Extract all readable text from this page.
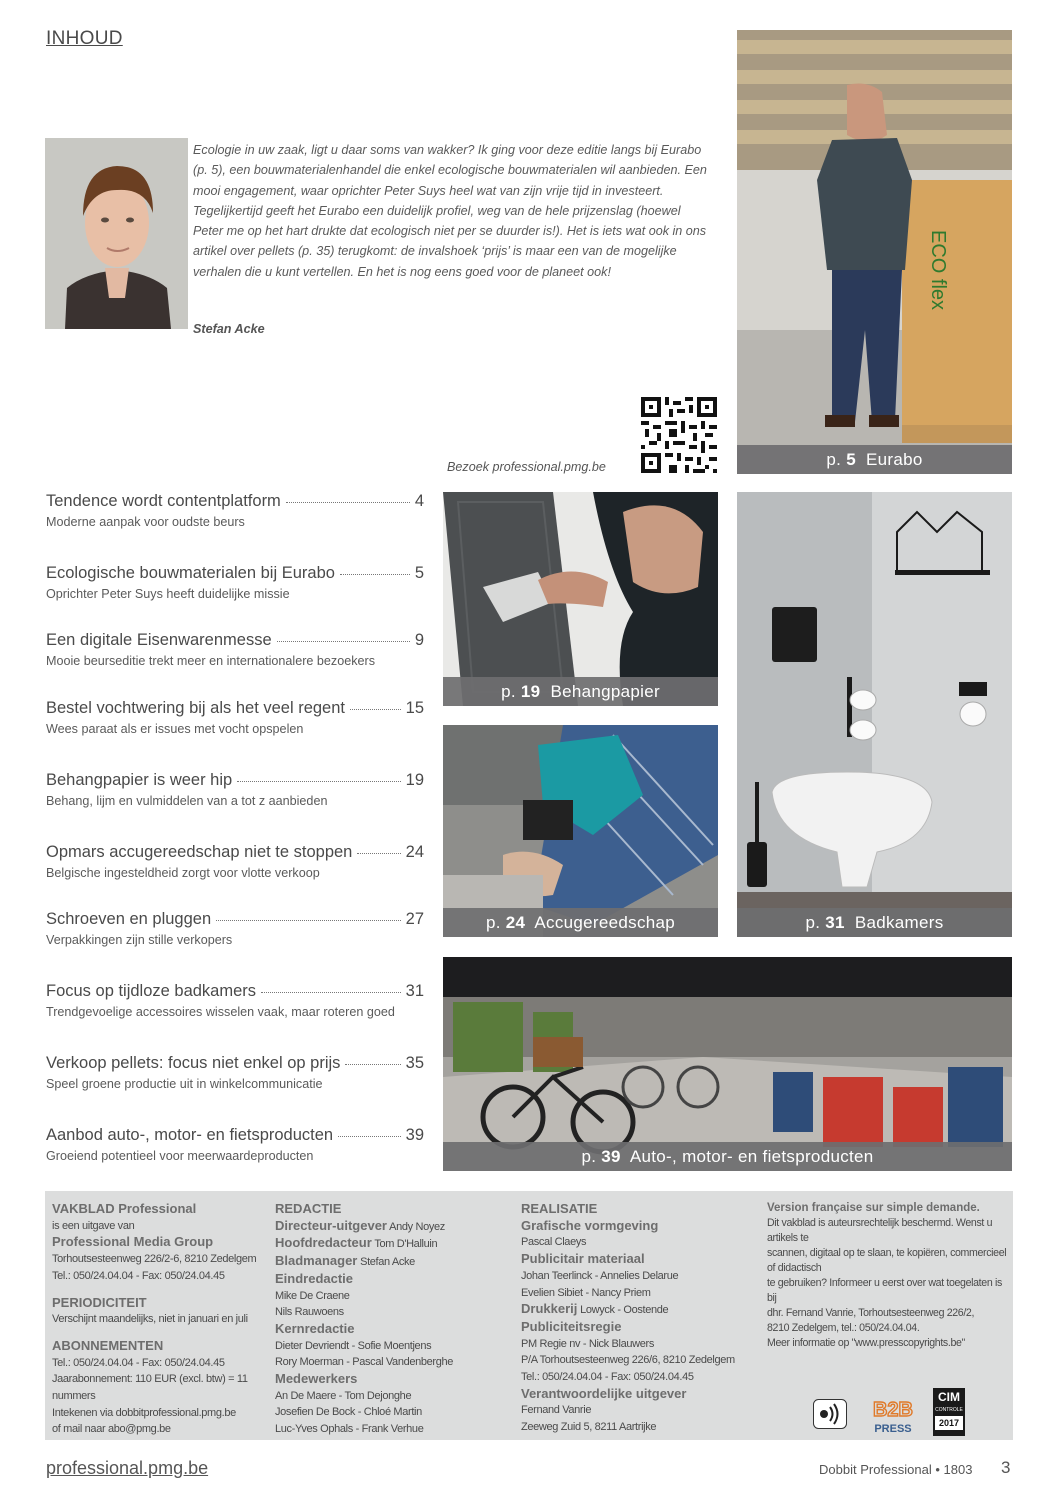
INHOUD
Ecologie in uw zaak, ligt u daar soms van wakker? Ik ging voor deze editie langs bij Eurabo (p. 5), een bouwmaterialenhandel die enkel ecologische bouwmaterialen wil aanbieden. Een mooi engagement, waar oprichter Peter Suys heel wat van zijn vrije tijd in investeert. Tegelijkertijd geeft het Eurabo een duidelijk profiel, weg van de hele prijzenslag (hoewel Peter me op het hart drukte dat ecologisch niet per se duurder is!). Het is iets wat ook in ons artikel over pellets (p. 35) terugkomt: de invalshoek ‘prijs’ is maar een van de mogelijke verhalen die u kunt vertellen. En het is nog eens goed voor de planeet ook!
Stefan Acke
Bezoek professional.pmg.be
ECO flex
p. 5 Eurabo
p. 19 Behangpapier
p. 24 Accugereedschap	p. 31 Badkamers
p. 39 Auto-, motor- en fietsproducten
Tendence wordt contentplatform	4
Moderne aanpak voor oudste beurs
Ecologische bouwmaterialen bij Eurabo	5
Oprichter Peter Suys heeft duidelijke missie
Een digitale Eisenwarenmesse	9
Mooie beurseditie trekt meer en internationalere bezoekers
Bestel vochtwering bij als het veel regent	15
Wees paraat als er issues met vocht opspelen
Behangpapier is weer hip	19
Behang, lijm en vulmiddelen van a tot z aanbieden
Opmars accugereedschap niet te stoppen	24
Belgische ingesteldheid zorgt voor vlotte verkoop
Schroeven en pluggen	27
Verpakkingen zijn stille verkopers
Focus op tijdloze badkamers	31
Trendgevoelige accessoires wisselen vaak, maar roteren goed
Verkoop pellets: focus niet enkel op prijs	35
Speel groene productie uit in winkelcommunicatie
Aanbod auto-, motor- en fietsproducten	39
Groeiend potentieel voor meerwaardeproducten
VAKBLAD Professional
is een uitgave van
Professional Media Group
Torhoutsesteenweg 226/2-6, 8210 Zedelgem
Tel.: 050/24.04.04 - Fax: 050/24.04.45
PERIODICITEIT
Verschijnt maandelijks, niet in januari en juli
ABONNEMENTEN
Tel.: 050/24.04.04 - Fax: 050/24.04.45
Jaarabonnement: 110 EUR (excl. btw) = 11 nummers
Intekenen via dobbitprofessional.pmg.be
of mail naar abo@pmg.be
REDACTIE
Directeur-uitgever Andy Noyez
Hoofdredacteur Tom D'Halluin
Bladmanager Stefan Acke
Eindredactie
Mike De Craene
Nils Rauwoens
Kernredactie
Dieter Devriendt - Sofie Moentjens
Rory Moerman - Pascal Vandenberghe
Medewerkers
An De Maere - Tom Dejonghe
Josefien De Bock - Chloé Martin
Luc-Yves Ophals - Frank Verhue
REALISATIE
Grafische vormgeving
Pascal Claeys
Publicitair materiaal
Johan Teerlinck - Annelies Delarue
Evelien Sibiet - Nancy Priem
Drukkerij Lowyck - Oostende
Publiciteitsregie
PM Regie nv - Nick Blauwers
P/A Torhoutsesteenweg 226/6, 8210 Zedelgem
Tel.: 050/24.04.04 - Fax: 050/24.04.45
Verantwoordelijke uitgever
Fernand Vanrie
Zeeweg Zuid 5, 8211 Aartrijke
Version française sur simple demande.
Dit vakblad is auteursrechtelijk beschermd. Wenst u artikels te
scannen, digitaal op te slaan, te kopiëren, commercieel of didactisch
te gebruiken? Informeer u eerst over wat toegelaten is bij
dhr. Fernand Vanrie, Torhoutsesteenweg 226/2,
8210 Zedelgem, tel.: 050/24.04.04.
Meer informatie op "www.presscopyrights.be"
B2B
PRESS
CIM
CONTROLE
2017
professional.pmg.be	Dobbit Professional • 1803 3
